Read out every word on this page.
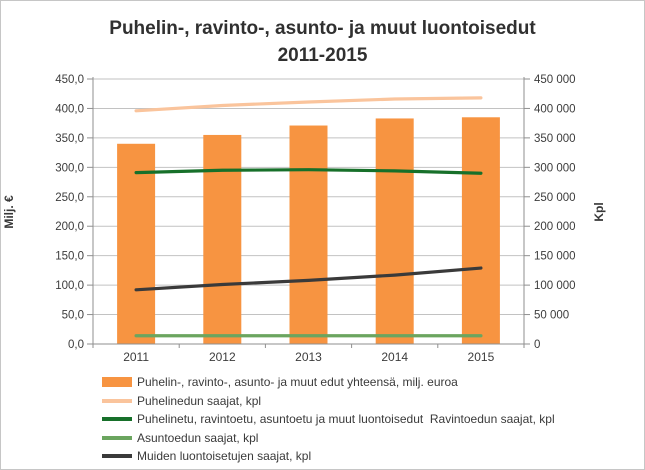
Puhelin-, ravinto-, asunto- ja muut luontoisedut
2011-2015
Milj. €	Kpl
0,0
50,0
100,0
150,0
200,0
250,0
300,0
350,0
400,0
450,0
0
50 000
100 000
150 000
200 000
250 000
300 000
350 000
400 000
450 000
2011	2012	2013	2014	2015
Puhelin-, ravinto-, asunto- ja muut edut yhteensä, milj. euroa
Puhelinedun saajat, kpl
Puhelinetu, ravintoetu, asuntoetu ja muut luontoisedut  Ravintoedun saajat, kpl
Asuntoedun saajat, kpl
Muiden luontoisetujen saajat, kpl
